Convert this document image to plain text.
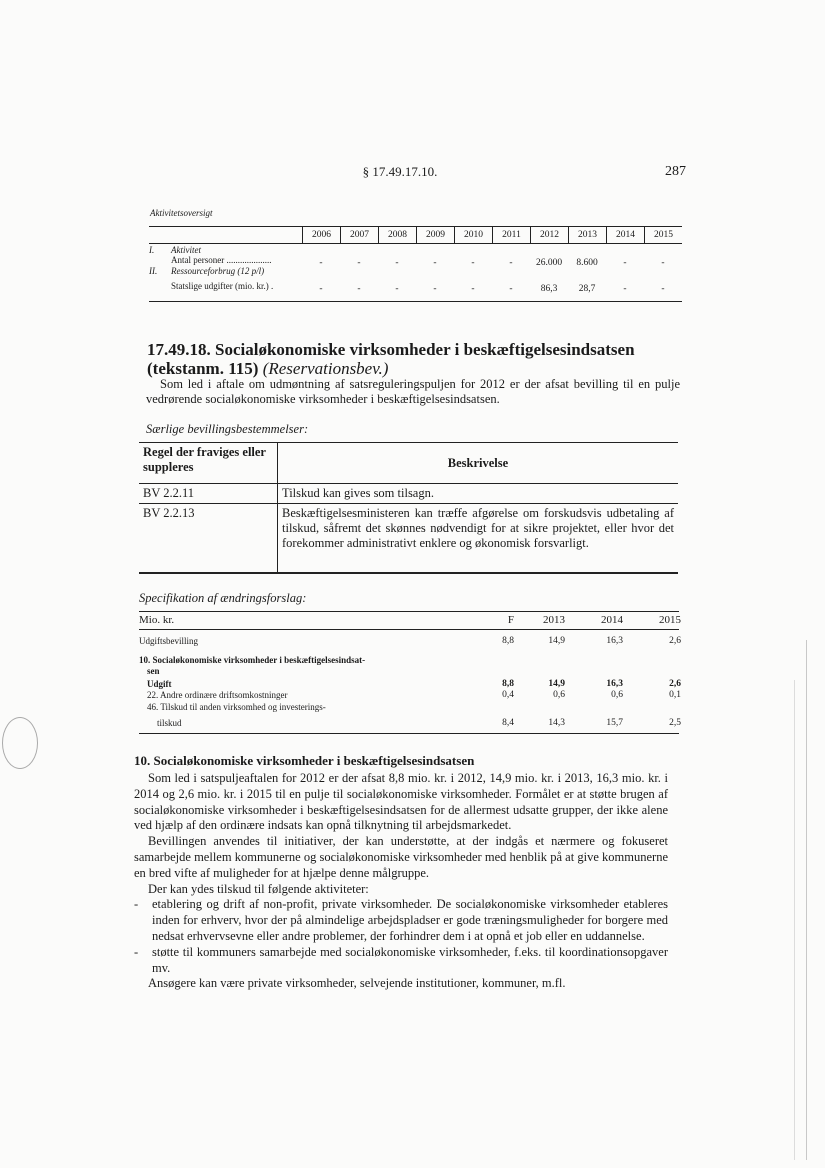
§ 17.49.17.10.	287
Aktivitetsoversigt
2006	2007	2008	2009	2010	2011	2012	2013	2014	2015
I. Aktivitet
Antal personer ....................	-	-	-	-	-	-	26.000	8.600	-	-
II. Ressourceforbrug (12 p/l)
Statslige udgifter (mio. kr.) .	-	-	-	-	-	-	86,3	28,7	-	-
17.49.18. Socialøkonomiske virksomheder i beskæftigelsesindsatsen (tekstanm. 115) (Reservationsbev.)
Som led i aftale om udmøntning af satsreguleringspuljen for 2012 er der afsat bevilling til en pulje vedrørende socialøkonomiske virksomheder i beskæftigelsesindsatsen.
Særlige bevillingsbestemmelser:
Regel der fraviges eller suppleres	Beskrivelse
BV 2.2.11	Tilskud kan gives som tilsagn.
BV 2.2.13	Beskæftigelsesministeren kan træffe afgørelse om forskudsvis udbetaling af tilskud, såfremt det skønnes nødvendigt for at sikre projektet, eller hvor det forekommer administrativt enklere og økonomisk forsvarligt.
Specifikation af ændringsforslag:
Mio. kr.	F	2013	2014	2015
Udgiftsbevilling	8,8	14,9	16,3	2,6
10. Socialøkonomiske virksomheder i beskæftigelsesindsat-
sen
Udgift	8,8	14,9	16,3	2,6
22. Andre ordinære driftsomkostninger	0,4	0,6	0,6	0,1
46. Tilskud til anden virksomhed og investerings-
tilskud	8,4	14,3	15,7	2,5
10. Socialøkonomiske virksomheder i beskæftigelsesindsatsen
Som led i satspuljeaftalen for 2012 er der afsat 8,8 mio. kr. i 2012, 14,9 mio. kr. i 2013, 16,3 mio. kr. i 2014 og 2,6 mio. kr. i 2015 til en pulje til socialøkonomiske virksomheder. Formålet er at støtte brugen af socialøkonomiske virksomheder i beskæftigelsesindsatsen for de allermest udsatte grupper, der ikke alene ved hjælp af den ordinære indsats kan opnå tilknytning til arbejdsmarkedet.
Bevillingen anvendes til initiativer, der kan understøtte, at der indgås et nærmere og fokuseret samarbejde mellem kommunerne og socialøkonomiske virksomheder med henblik på at give kommunerne en bred vifte af muligheder for at hjælpe denne målgruppe.
Der kan ydes tilskud til følgende aktiviteter:
- etablering og drift af non-profit, private virksomheder. De socialøkonomiske virksomheder etableres inden for erhverv, hvor der på almindelige arbejdspladser er gode træningsmuligheder for borgere med nedsat erhvervsevne eller andre problemer, der forhindrer dem i at opnå et job eller en uddannelse.
- støtte til kommuners samarbejde med socialøkonomiske virksomheder, f.eks. til koordinationsopgaver mv.
Ansøgere kan være private virksomheder, selvejende institutioner, kommuner, m.fl.
